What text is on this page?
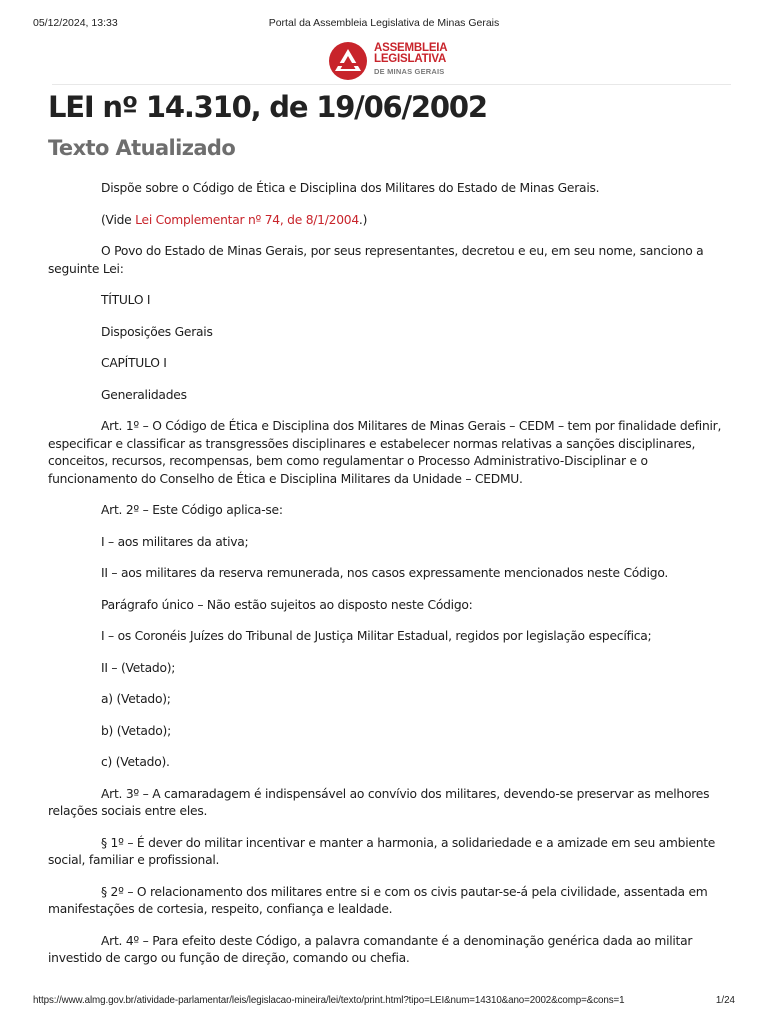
05/12/2024, 13:33	Portal da Assembleia Legislativa de Minas Gerais
ASSEMBLEIA
LEGISLATIVA
DE MINAS GERAIS
LEI nº 14.310, de 19/06/2002
Texto Atualizado

Dispõe sobre o Código de Ética e Disciplina dos Militares do Estado de Minas Gerais.

(Vide Lei Complementar nº 74, de 8/1/2004.)

O Povo do Estado de Minas Gerais, por seus representantes, decretou e eu, em seu nome, sanciono a seguinte Lei:

TÍTULO I

Disposições Gerais

CAPÍTULO I

Generalidades

Art. 1º – O Código de Ética e Disciplina dos Militares de Minas Gerais – CEDM – tem por finalidade definir, especificar e classificar as transgressões disciplinares e estabelecer normas relativas a sanções disciplinares, conceitos, recursos, recompensas, bem como regulamentar o Processo Administrativo-Disciplinar e o funcionamento do Conselho de Ética e Disciplina Militares da Unidade – CEDMU.

Art. 2º – Este Código aplica-se:

I – aos militares da ativa;

II – aos militares da reserva remunerada, nos casos expressamente mencionados neste Código.

Parágrafo único – Não estão sujeitos ao disposto neste Código:

I – os Coronéis Juízes do Tribunal de Justiça Militar Estadual, regidos por legislação específica;

II – (Vetado);

a) (Vetado);

b) (Vetado);

c) (Vetado).

Art. 3º – A camaradagem é indispensável ao convívio dos militares, devendo-se preservar as melhores relações sociais entre eles.

§ 1º – É dever do militar incentivar e manter a harmonia, a solidariedade e a amizade em seu ambiente social, familiar e profissional.

§ 2º – O relacionamento dos militares entre si e com os civis pautar-se-á pela civilidade, assentada em manifestações de cortesia, respeito, confiança e lealdade.

Art. 4º – Para efeito deste Código, a palavra comandante é a denominação genérica dada ao militar investido de cargo ou função de direção, comando ou chefia.

https://www.almg.gov.br/atividade-parlamentar/leis/legislacao-mineira/lei/texto/print.html?tipo=LEI&num=14310&ano=2002&comp=&cons=1	1/24
